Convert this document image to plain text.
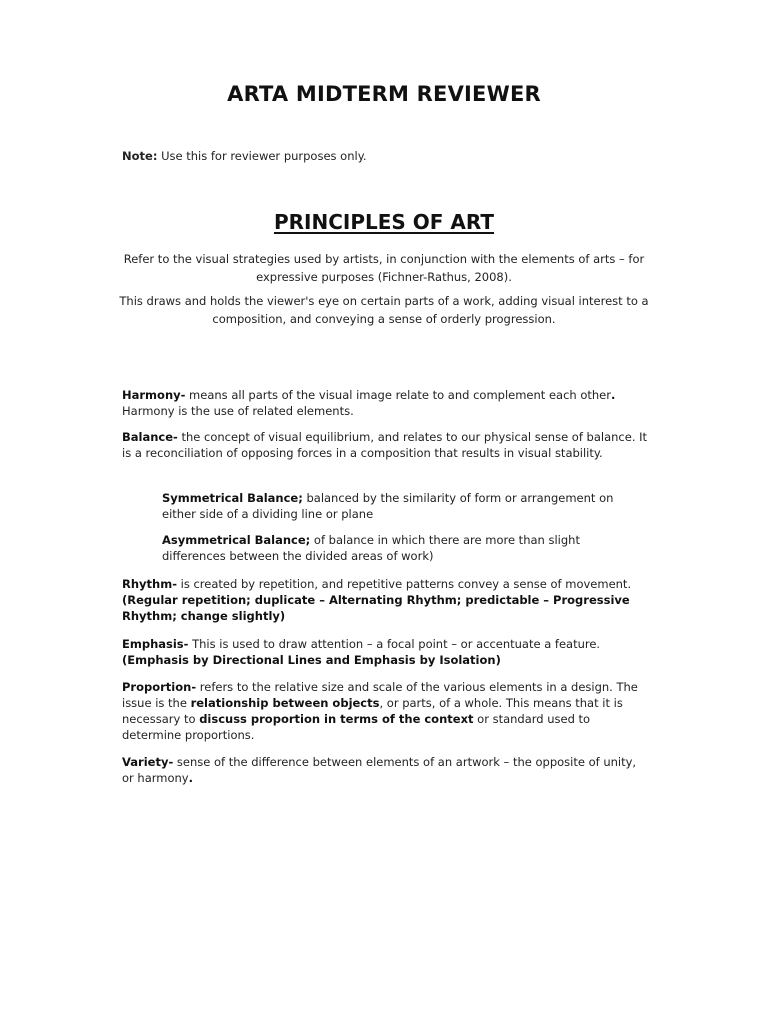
ARTA MIDTERM REVIEWER
Note: Use this for reviewer purposes only.
PRINCIPLES OF ART
Refer to the visual strategies used by artists, in conjunction with the elements of arts – for expressive purposes (Fichner-Rathus, 2008).
This draws and holds the viewer's eye on certain parts of a work, adding visual interest to a composition, and conveying a sense of orderly progression.
Harmony- means all parts of the visual image relate to and complement each other.
Harmony is the use of related elements.
Balance- the concept of visual equilibrium, and relates to our physical sense of balance. It is a reconciliation of opposing forces in a composition that results in visual stability.
Symmetrical Balance; balanced by the similarity of form or arrangement on either side of a dividing line or plane
Asymmetrical Balance; of balance in which there are more than slight differences between the divided areas of work)
Rhythm- is created by repetition, and repetitive patterns convey a sense of movement.
(Regular repetition; duplicate – Alternating Rhythm; predictable – Progressive Rhythm; change slightly)
Emphasis- This is used to draw attention – a focal point – or accentuate a feature.
(Emphasis by Directional Lines and Emphasis by Isolation)
Proportion- refers to the relative size and scale of the various elements in a design. The issue is the relationship between objects, or parts, of a whole. This means that it is necessary to discuss proportion in terms of the context or standard used to determine proportions.
Variety- sense of the difference between elements of an artwork – the opposite of unity, or harmony.
